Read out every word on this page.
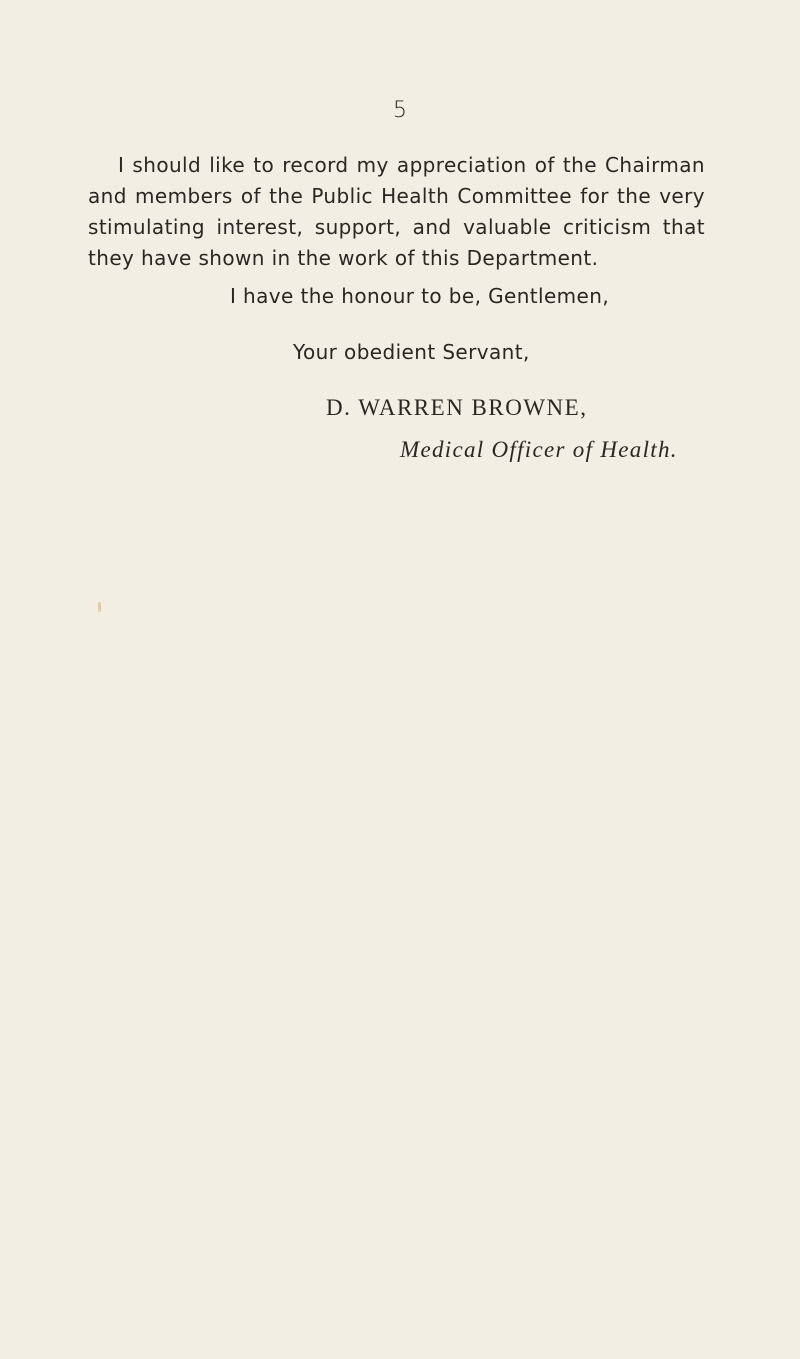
5

I should like to record my appreciation of the Chairman and members of the Public Health Committee for the very stimulating interest, support, and valuable criticism that they have shown in the work of this Department.

I have the honour to be, Gentlemen,
Your obedient Servant,
D. WARREN BROWNE,
Medical Officer of Health.
